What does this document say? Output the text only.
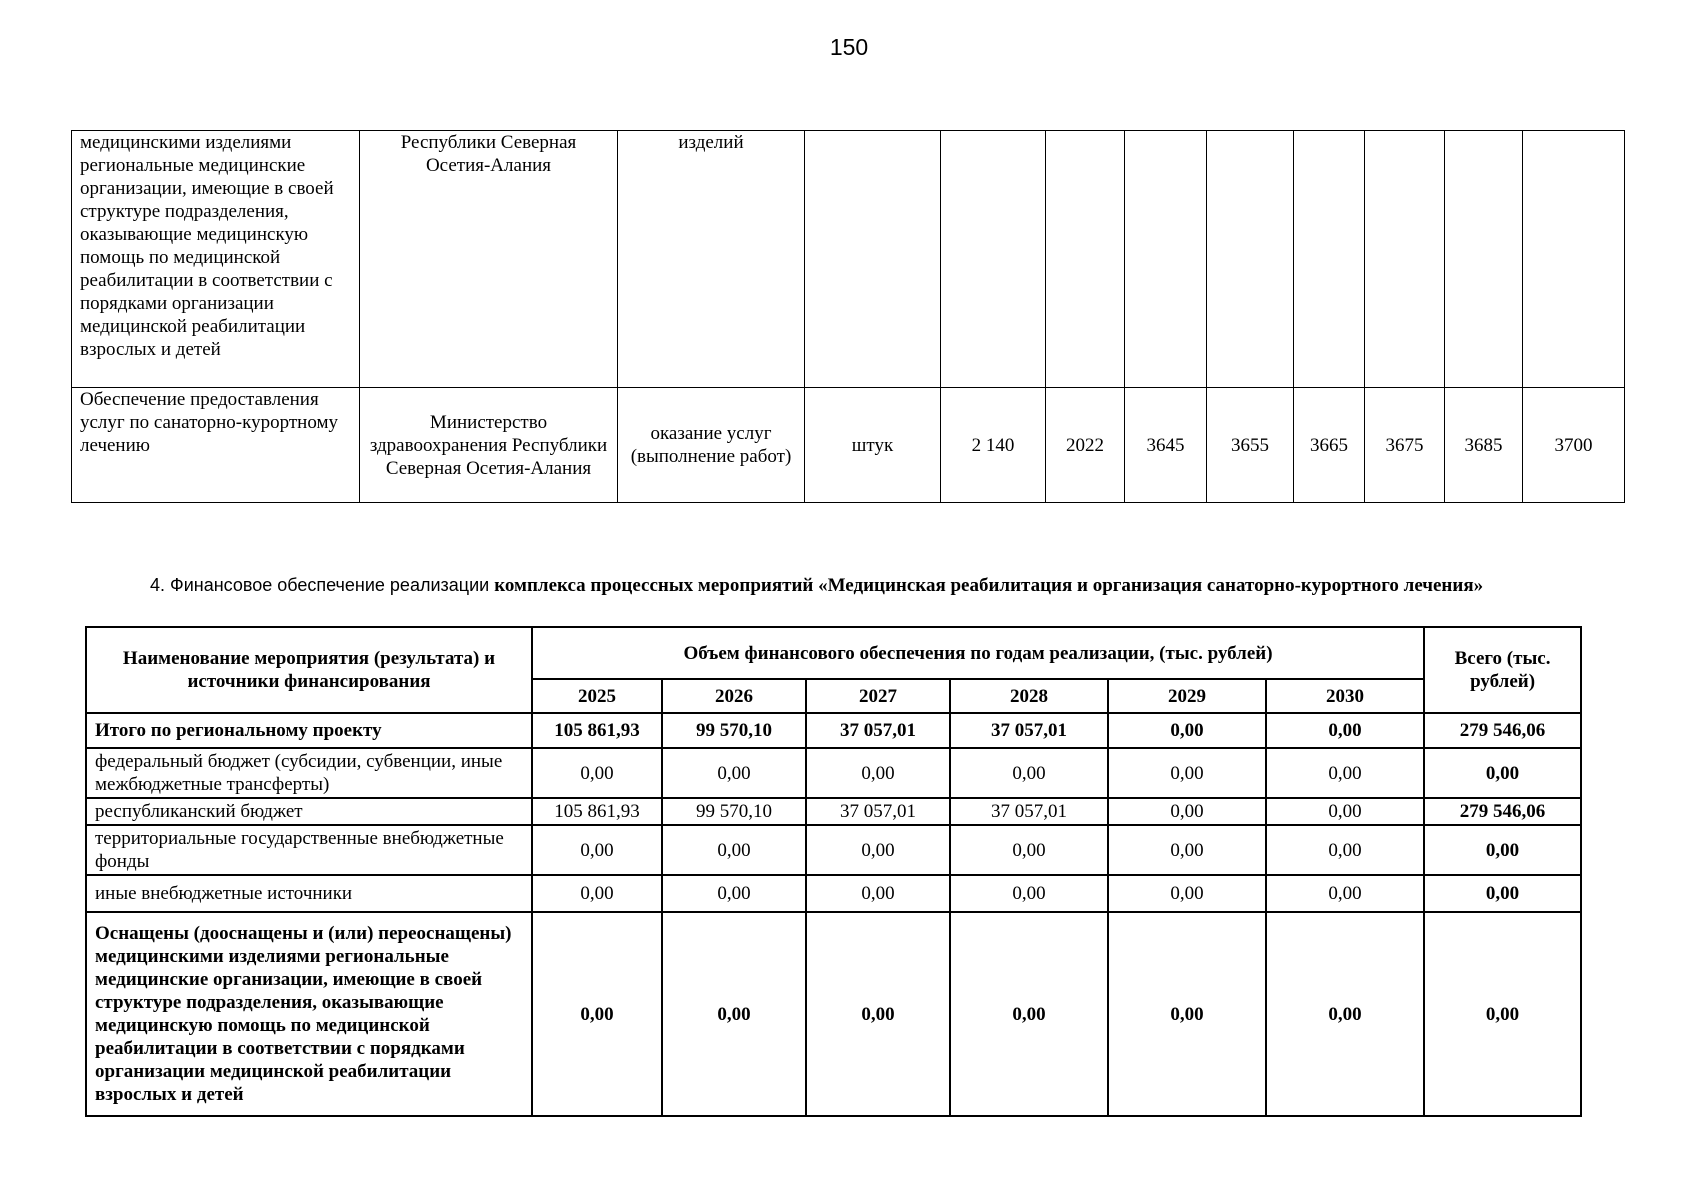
150
медицинскими изделиями региональные медицинские организации, имеющие в своей структуре подразделения, оказывающие медицинскую помощь по медицинской реабилитации в соответствии с порядками организации медицинской реабилитации взрослых и детей	Республики Северная Осетия-Алания	изделий									
Обеспечение предоставления услуг по санаторно-курортному лечению	Министерство здравоохранения Республики Северная Осетия-Алания	оказание услуг (выполнение работ)	штук	2 140	2022	3645	3655	3665	3675	3685	3700
4. Финансовое обеспечение реализации комплекса процессных мероприятий «Медицинская реабилитация и организация санаторно-курортного лечения»
Наименование мероприятия (результата) и источники финансирования	Объем финансового обеспечения по годам реализации, (тыс. рублей)						Всего (тыс. рублей)
	2025	2026	2027	2028	2029	2030	
Итого по региональному проекту	105 861,93	99 570,10	37 057,01	37 057,01	0,00	0,00	279 546,06
федеральный бюджет (субсидии, субвенции, иные межбюджетные трансферты)	0,00	0,00	0,00	0,00	0,00	0,00	0,00
республиканский бюджет	105 861,93	99 570,10	37 057,01	37 057,01	0,00	0,00	279 546,06
территориальные государственные внебюджетные фонды	0,00	0,00	0,00	0,00	0,00	0,00	0,00
иные внебюджетные источники	0,00	0,00	0,00	0,00	0,00	0,00	0,00
Оснащены (дооснащены и (или) переоснащены) медицинскими изделиями региональные медицинские организации, имеющие в своей структуре подразделения, оказывающие медицинскую помощь по медицинской реабилитации в соответствии с порядками организации медицинской реабилитации взрослых и детей	0,00	0,00	0,00	0,00	0,00	0,00	0,00
